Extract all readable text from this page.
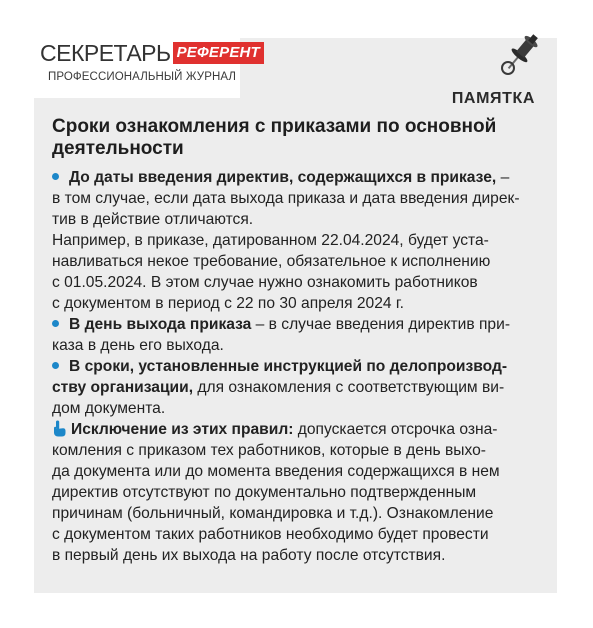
СЕКРЕТАРЬ РЕФЕРЕНТ
ПРОФЕССИОНАЛЬНЫЙ ЖУРНАЛ
ПАМЯТКА
Сроки ознакомления с приказами по основной
деятельности
До даты введения директив, содержащихся в приказе, –
в том случае, если дата выхода приказа и дата введения дирек-
тив в действие отличаются.
Например, в приказе, датированном 22.04.2024, будет уста-
навливаться некое требование, обязательное к исполнению
с 01.05.2024. В этом случае нужно ознакомить работников
с документом в период с 22 по 30 апреля 2024 г.
В день выхода приказа – в случае введения директив при-
каза в день его выхода.
В сроки, установленные инструкцией по делопроизвод-
ству организации, для ознакомления с соответствующим ви-
дом документа.
Исключение из этих правил: допускается отсрочка озна-
комления с приказом тех работников, которые в день выхо-
да документа или до момента введения содержащихся в нем
директив отсутствуют по документально подтвержденным
причинам (больничный, командировка и т.д.). Ознакомление
с документом таких работников необходимо будет провести
в первый день их выхода на работу после отсутствия.
